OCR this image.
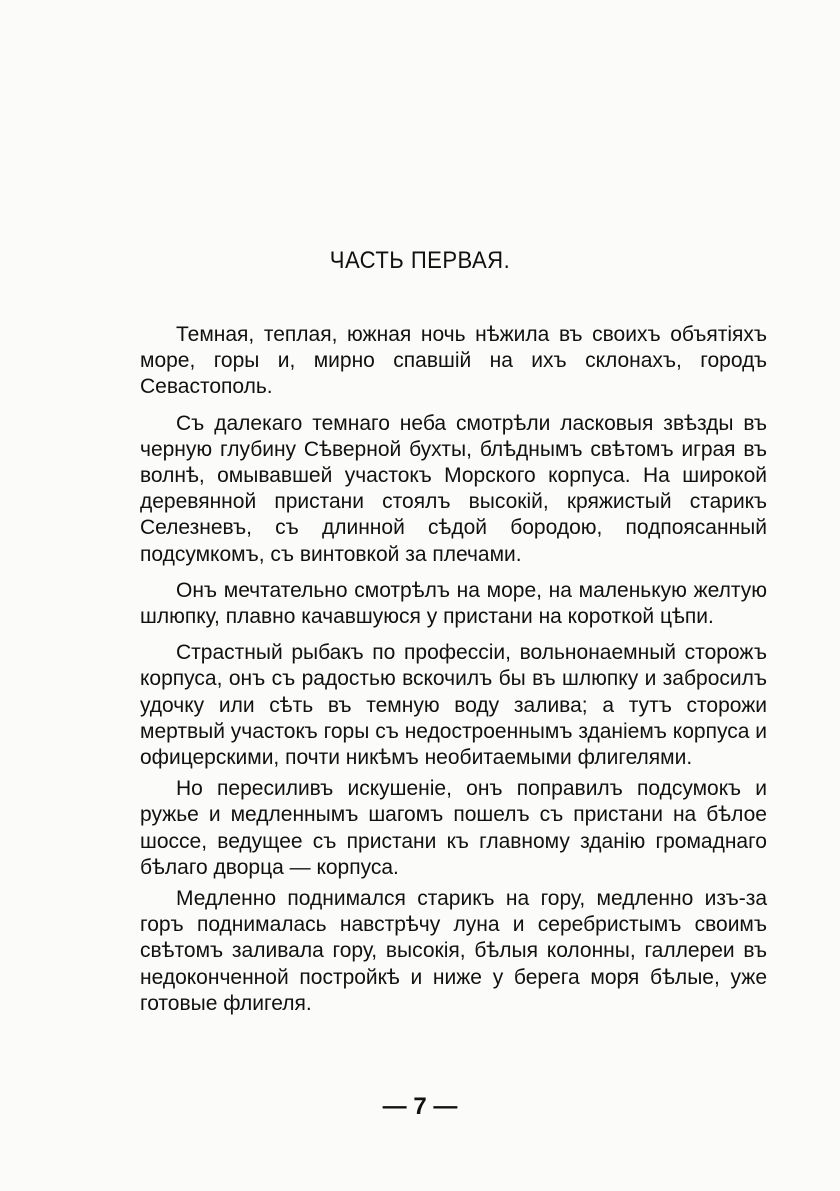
ЧАСТЬ ПЕРВАЯ.

Темная, теплая, южная ночь нѣжила въ своихъ объятiяхъ море, горы и, мирно спавшiй на ихъ склонахъ, городъ Севастополь.

Съ далекаго темнаго неба смотрѣли ласковыя звѣзды въ черную глубину Сѣверной бухты, блѣднымъ свѣтомъ играя въ волнѣ, омывавшей участокъ Морского корпуса. На широкой деревянной пристани стоялъ высокiй, кряжистый старикъ Селезневъ, съ длинной сѣдой бородою, подпоясанный подсумкомъ, съ винтовкой за плечами.

Онъ мечтательно смотрѣлъ на море, на маленькую желтую шлюпку, плавно качавшуюся у пристани на короткой цѣпи.

Страстный рыбакъ по профессiи, вольнонаемный сторожъ корпуса, онъ съ радостью вскочилъ бы въ шлюпку и забросилъ удочку или сѣть въ темную воду залива; а тутъ сторожи мертвый участокъ горы съ недостроеннымъ зданiемъ корпуса и офицерскими, почти никѣмъ необитаемыми флигелями.

Но пересиливъ искушенiе, онъ поправилъ подсумокъ и ружье и медленнымъ шагомъ пошелъ съ пристани на бѣлое шоссе, ведущее съ пристани къ главному зданiю громаднаго бѣлаго дворца — корпуса.

Медленно поднимался старикъ на гору, медленно изъ-за горъ поднималась навстрѣчу луна и серебристымъ своимъ свѣтомъ заливала гору, высокiя, бѣлыя колонны, галлереи въ недоконченной постройкѣ и ниже у берега моря бѣлые, уже готовые флигеля.

— 7 —
